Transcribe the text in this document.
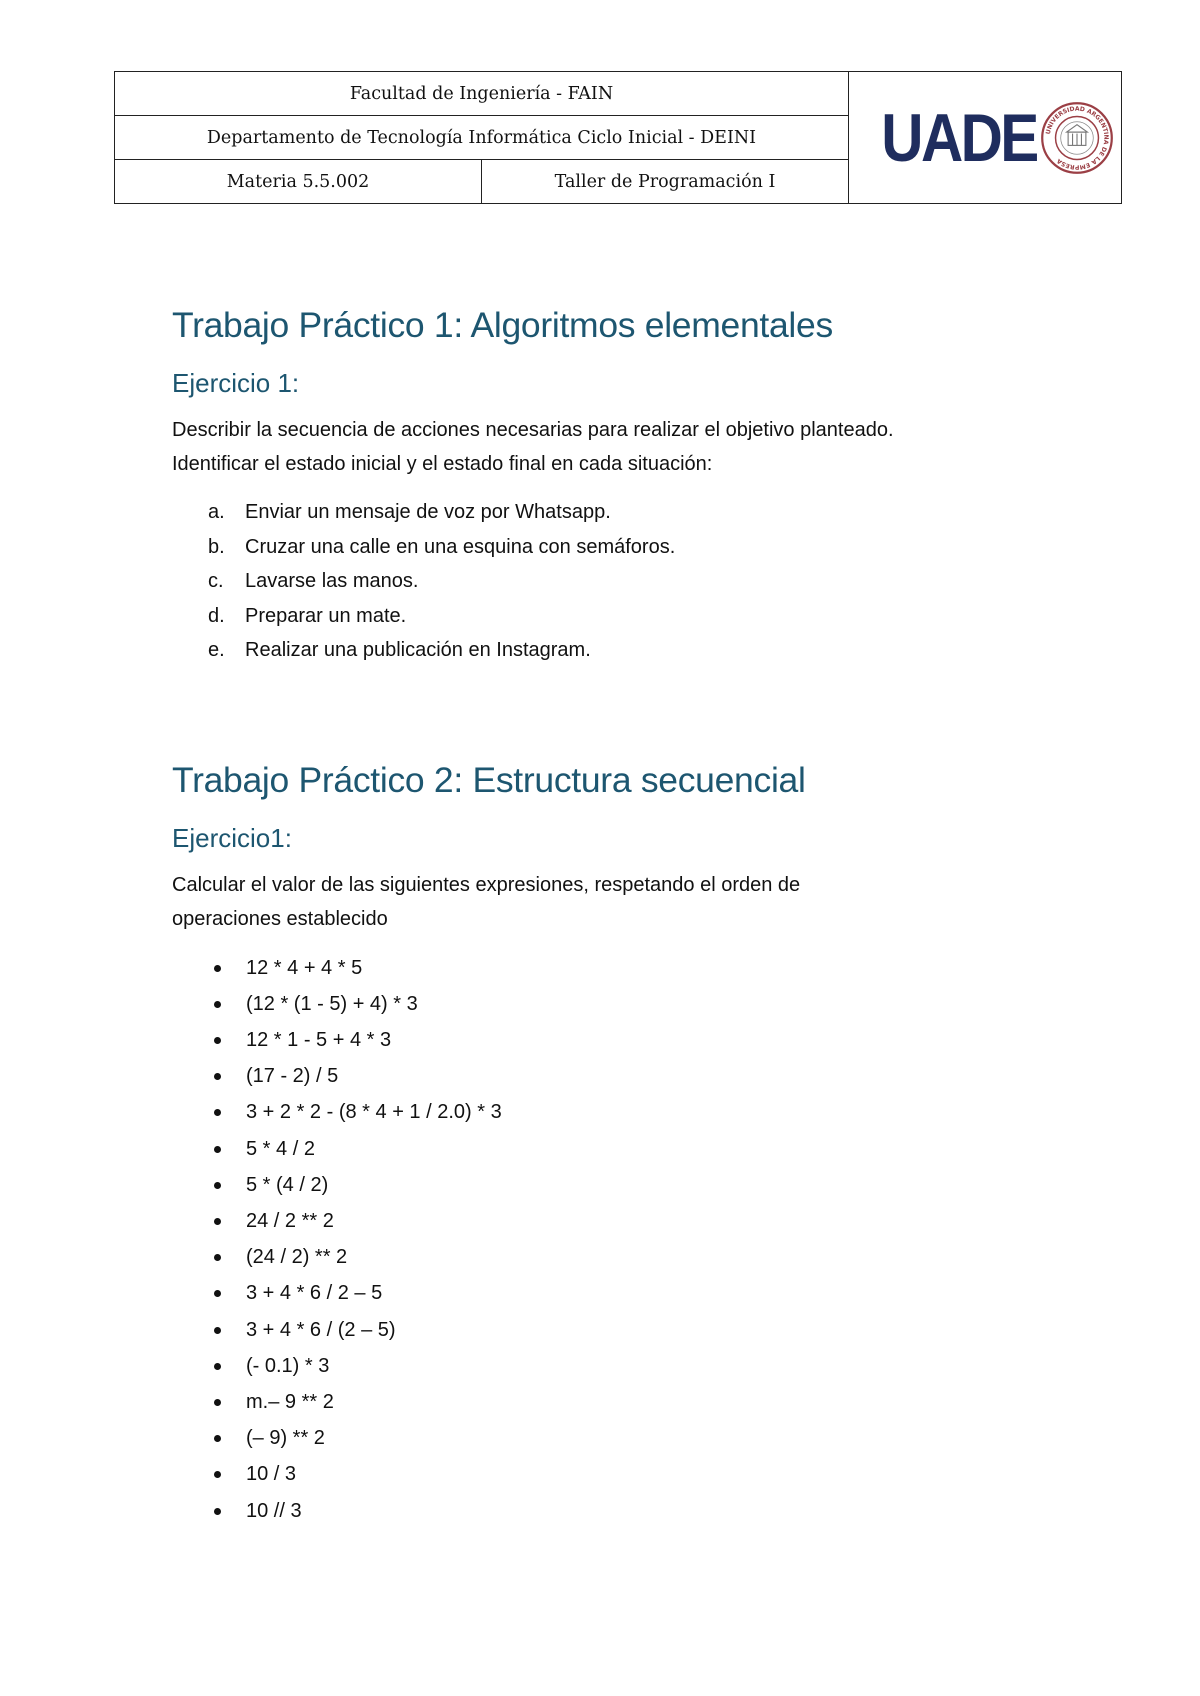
Facultad de Ingeniería - FAIN		UADE UNIVERSIDAD ARGENTINA DE LA EMPRESA

Departamento de Tecnología Informática Ciclo Inicial - DEINI		
Materia 5.5.002	Taller de Programación I	
Trabajo Práctico 1: Algoritmos elementales
Ejercicio 1:

Describir la secuencia de acciones necesarias para realizar el objetivo planteado.
Identificar el estado inicial y el estado final en cada situación:

a. Enviar un mensaje de voz por Whatsapp.
b. Cruzar una calle en una esquina con semáforos.
c. Lavarse las manos.
d. Preparar un mate.
e. Realizar una publicación en Instagram.
Trabajo Práctico 2: Estructura secuencial
Ejercicio1:

Calcular el valor de las siguientes expresiones, respetando el orden de
operaciones establecido

12 * 4 + 4 * 5
(12 * (1 - 5) + 4) * 3
12 * 1 - 5 + 4 * 3
(17 - 2) / 5
3 + 2 * 2 - (8 * 4 + 1 / 2.0) * 3
5 * 4 / 2
5 * (4 / 2)
24 / 2 ** 2
(24 / 2) ** 2
3 + 4 * 6 / 2 – 5
3 + 4 * 6 / (2 – 5)
(- 0.1) * 3
m.– 9 ** 2
(– 9) ** 2
10 / 3
10 // 3
